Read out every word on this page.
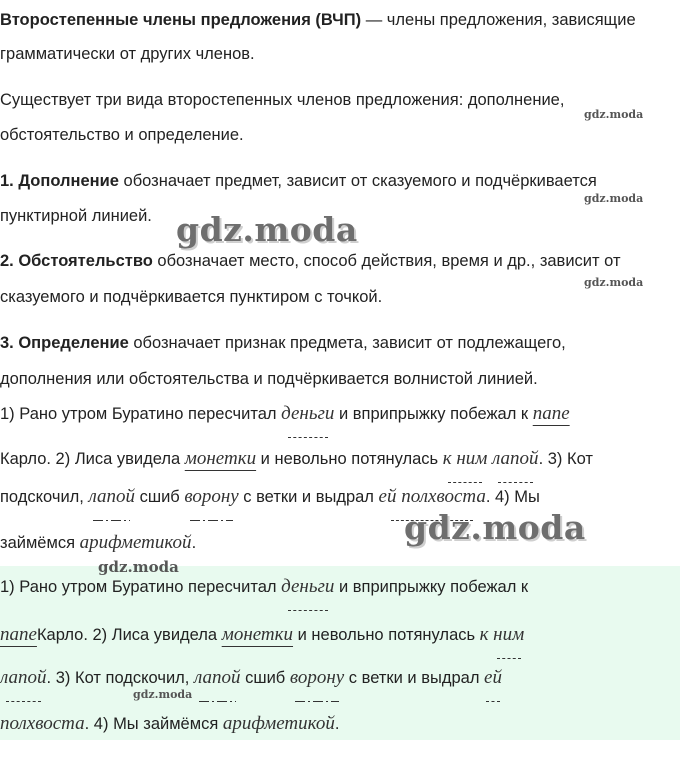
Второстепенные члены предложения (ВЧП) — члены предложения, зависящие

грамматически от других членов.

Существует три вида второстепенных членов предложения: дополнение,

обстоятельство и определение.

1. Дополнение обозначает предмет, зависит от сказуемого и подчёркивается

пунктирной линией.

2. Обстоятельство обозначает место, способ действия, время и др., зависит от

сказуемого и подчёркивается пунктиром с точкой.

3. Определение обозначает признак предмета, зависит от подлежащего,

дополнения или обстоятельства и подчёркивается волнистой линией.

1) Рано утром Буратино пересчитал деньги и вприпрыжку побежал к папе

Карло. 2) Лиса увидела монетки и невольно потянулась к ним лапой. 3) Кот

подскочил, лапой сшиб ворону с ветки и выдрал ей полхвоста. 4) Мы

займёмся арифметикой.

1) Рано утром Буратино пересчитал деньги и вприпрыжку побежал к

папеКарло. 2) Лиса увидела монетки и невольно потянулась к ним

лапой. 3) Кот подскочил, лапой сшиб ворону с ветки и выдрал ей

полхвоста. 4) Мы займёмся арифметикой.

gdz.moda
gdz.moda
gdz.moda
gdz.moda
gdz.moda
gdz.moda
gdz.moda
